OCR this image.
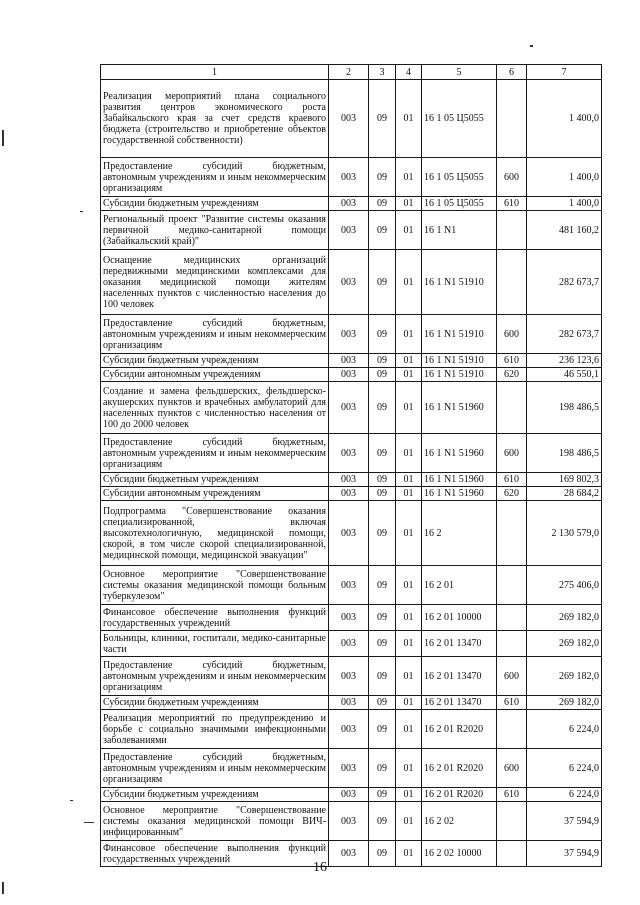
1	2	3	4	5	6	7
Реализация мероприятий плана социального развития центров экономического роста Забайкальского края за счет средств краевого бюджета (строительство и приобретение объектов государственной собственности)	003	09	01	16 1 05 Ц5055		1 400,0
Предоставление субсидий бюджетным, автономным учреждениям и иным некоммерческим организациям	003	09	01	16 1 05 Ц5055	600	1 400,0
Субсидии бюджетным учреждениям	003	09	01	16 1 05 Ц5055	610	1 400,0
Региональный проект "Развитие системы оказания первичной медико-санитарной помощи (Забайкальский край)"	003	09	01	16 1 N1		481 160,2
Оснащение медицинских организаций передвижными медицинскими комплексами для оказания медицинской помощи жителям населенных пунктов с численностью населения до 100 человек	003	09	01	16 1 N1 51910		282 673,7
Предоставление субсидий бюджетным, автономным учреждениям и иным некоммерческим организациям	003	09	01	16 1 N1 51910	600	282 673,7
Субсидии бюджетным учреждениям	003	09	01	16 1 N1 51910	610	236 123,6
Субсидии автономным учреждениям	003	09	01	16 1 N1 51910	620	46 550,1
Создание и замена фельдшерских, фельдшерско-акушерских пунктов и врачебных амбулаторий для населенных пунктов с численностью населения от 100 до 2000 человек	003	09	01	16 1 N1 51960		198 486,5
Предоставление субсидий бюджетным, автономным учреждениям и иным некоммерческим организациям	003	09	01	16 1 N1 51960	600	198 486,5
Субсидии бюджетным учреждениям	003	09	01	16 1 N1 51960	610	169 802,3
Субсидии автономным учреждениям	003	09	01	16 1 N1 51960	620	28 684,2
Подпрограмма "Совершенствование оказания специализированной, включая высокотехнологичную, медицинской помощи, скорой, в том числе скорой специализированной, медицинской помощи, медицинской эвакуации"	003	09	01	16 2		2 130 579,0
Основное мероприятие "Совершенствование системы оказания медицинской помощи больным туберкулезом"	003	09	01	16 2 01		275 406,0
Финансовое обеспечение выполнения функций государственных учреждений	003	09	01	16 2 01 10000		269 182,0
Больницы, клиники, госпитали, медико-санитарные части	003	09	01	16 2 01 13470		269 182,0
Предоставление субсидий бюджетным, автономным учреждениям и иным некоммерческим организациям	003	09	01	16 2 01 13470	600	269 182,0
Субсидии бюджетным учреждениям	003	09	01	16 2 01 13470	610	269 182,0
Реализация мероприятий по предупреждению и борьбе с социально значимыми инфекционными заболеваниями	003	09	01	16 2 01 R2020		6 224,0
Предоставление субсидий бюджетным, автономным учреждениям и иным некоммерческим организациям	003	09	01	16 2 01 R2020	600	6 224,0
Субсидии бюджетным учреждениям	003	09	01	16 2 01 R2020	610	6 224,0
Основное мероприятие "Совершенствование системы оказания медицинской помощи ВИЧ-инфицированным"	003	09	01	16 2 02		37 594,9
Финансовое обеспечение выполнения функций государственных учреждений	003	09	01	16 2 02 10000		37 594,9
16
